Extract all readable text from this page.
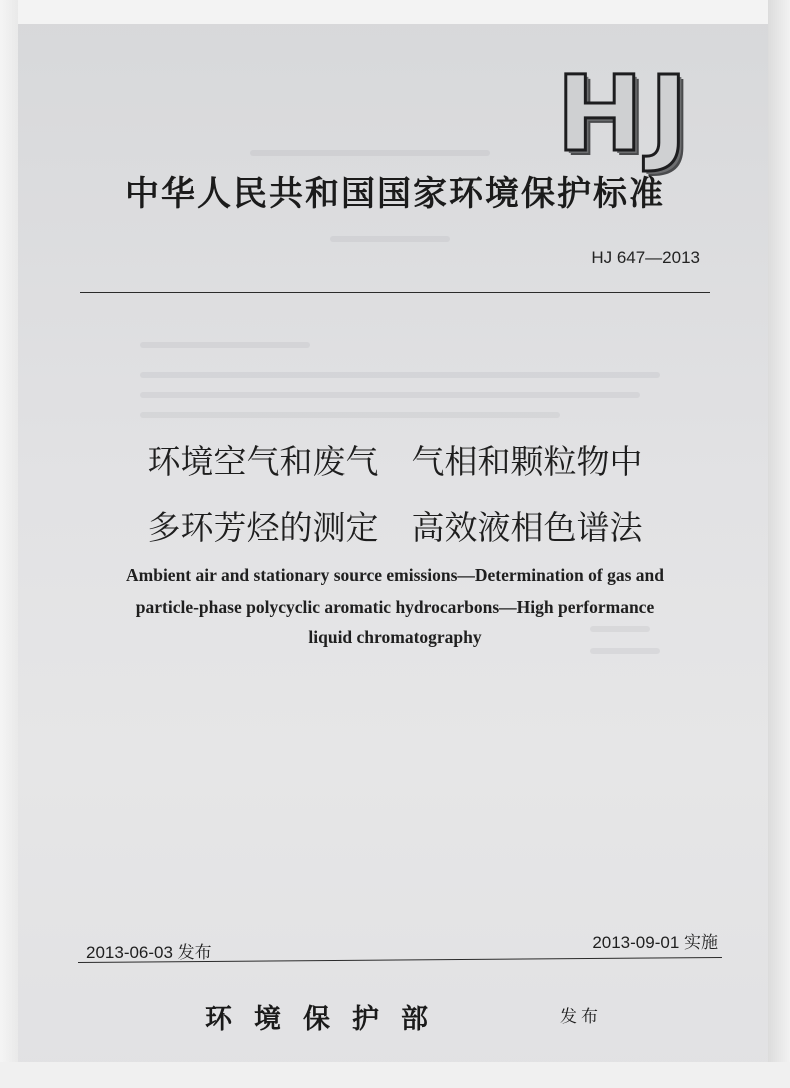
HJ
中华人民共和国国家环境保护标准
HJ 647—2013
环境空气和废气　气相和颗粒物中
多环芳烃的测定　高效液相色谱法
Ambient air and stationary source emissions—Determination of gas and
particle-phase polycyclic aromatic hydrocarbons—High performance
liquid chromatography
2013-06-03 发布
2013-09-01 实施
环境保护部	发布
